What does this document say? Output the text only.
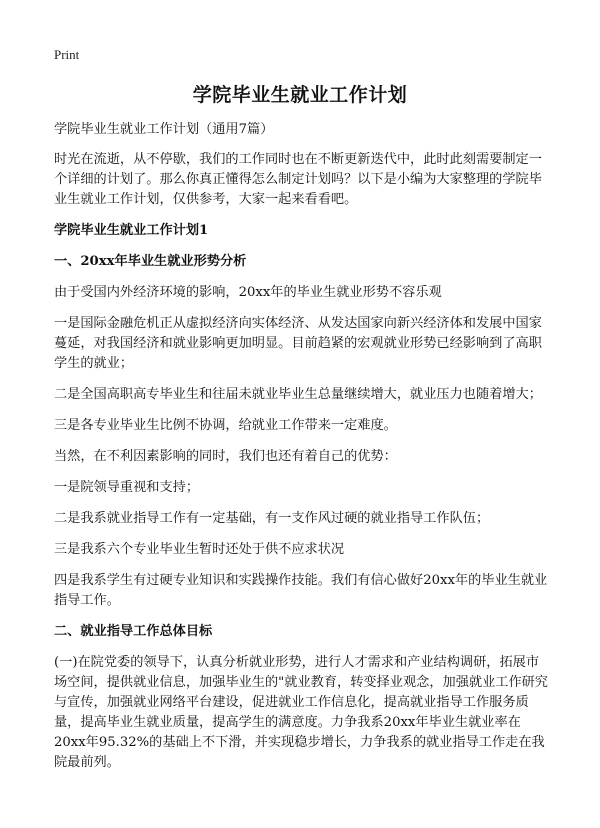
Print
学院毕业生就业工作计划

学院毕业生就业工作计划（通用7篇）

时光在流逝，从不停歇，我们的工作同时也在不断更新迭代中，此时此刻需要制定一个详细的计划了。那么你真正懂得怎么制定计划吗？以下是小编为大家整理的学院毕业生就业工作计划，仅供参考，大家一起来看看吧。

学院毕业生就业工作计划1
一、20xx年毕业生就业形势分析

由于受国内外经济环境的影响，20xx年的毕业生就业形势不容乐观

一是国际金融危机正从虚拟经济向实体经济、从发达国家向新兴经济体和发展中国家蔓延，对我国经济和就业影响更加明显。目前趋紧的宏观就业形势已经影响到了高职学生的就业；

二是全国高职高专毕业生和往届未就业毕业生总量继续增大，就业压力也随着增大；

三是各专业毕业生比例不协调，给就业工作带来一定难度。

当然，在不利因素影响的同时，我们也还有着自己的优势：

一是院领导重视和支持；

二是我系就业指导工作有一定基础，有一支作风过硬的就业指导工作队伍；

三是我系六个专业毕业生暂时还处于供不应求状况

四是我系学生有过硬专业知识和实践操作技能。我们有信心做好20xx年的毕业生就业指导工作。

二、就业指导工作总体目标

(一)在院党委的领导下，认真分析就业形势，进行人才需求和产业结构调研，拓展市场空间，提供就业信息，加强毕业生的"就业教育，转变择业观念，加强就业工作研究与宣传，加强就业网络平台建设，促进就业工作信息化，提高就业指导工作服务质量，提高毕业生就业质量，提高学生的满意度。力争我系20xx年毕业生就业率在20xx年95.32%的基础上不下滑，并实现稳步增长，力争我系的就业指导工作走在我院最前列。
